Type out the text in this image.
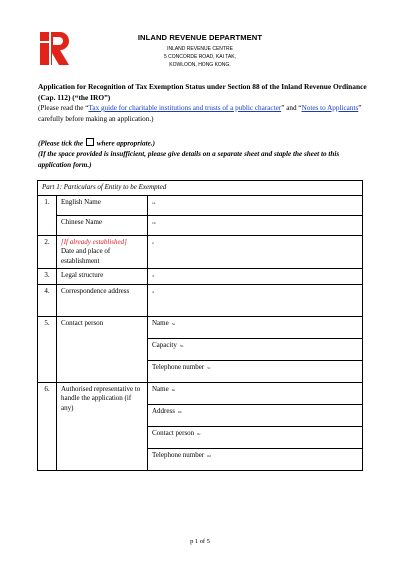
INLAND REVENUE DEPARTMENT
INLAND REVENUE CENTRE
5 CONCORDE ROAD, KAI TAK,
KOWLOON, HONG KONG.
Application for Recognition of Tax Exemption Status under Section 88 of the Inland Revenue Ordinance (Cap. 112) (“the IRO”)
(Please read the “Tax guide for charitable institutions and trusts of a public character” and “Notes to Applicants” carefully before making an application.)
(Please tick the where appropriate.)
(If the space provided is insufficient, please give details on a separate sheet and staple the sheet to this application form.)
Part 1: Particulars of Entity to be Exempted		
1.	English Name	1a
	Chinese Name	1b
2.	[If already established]
Date and place of establishment	2
3.	Legal structure	3
4.	Correspondence address	4
5.	Contact person	Name 5a
		Capacity 5b
		Telephone number 5c
6.	Authorised representative to handle the application (if any)	Name 6a
		Address 6b
		Contact person 6c
		Telephone number 6d
p 1 of 5
